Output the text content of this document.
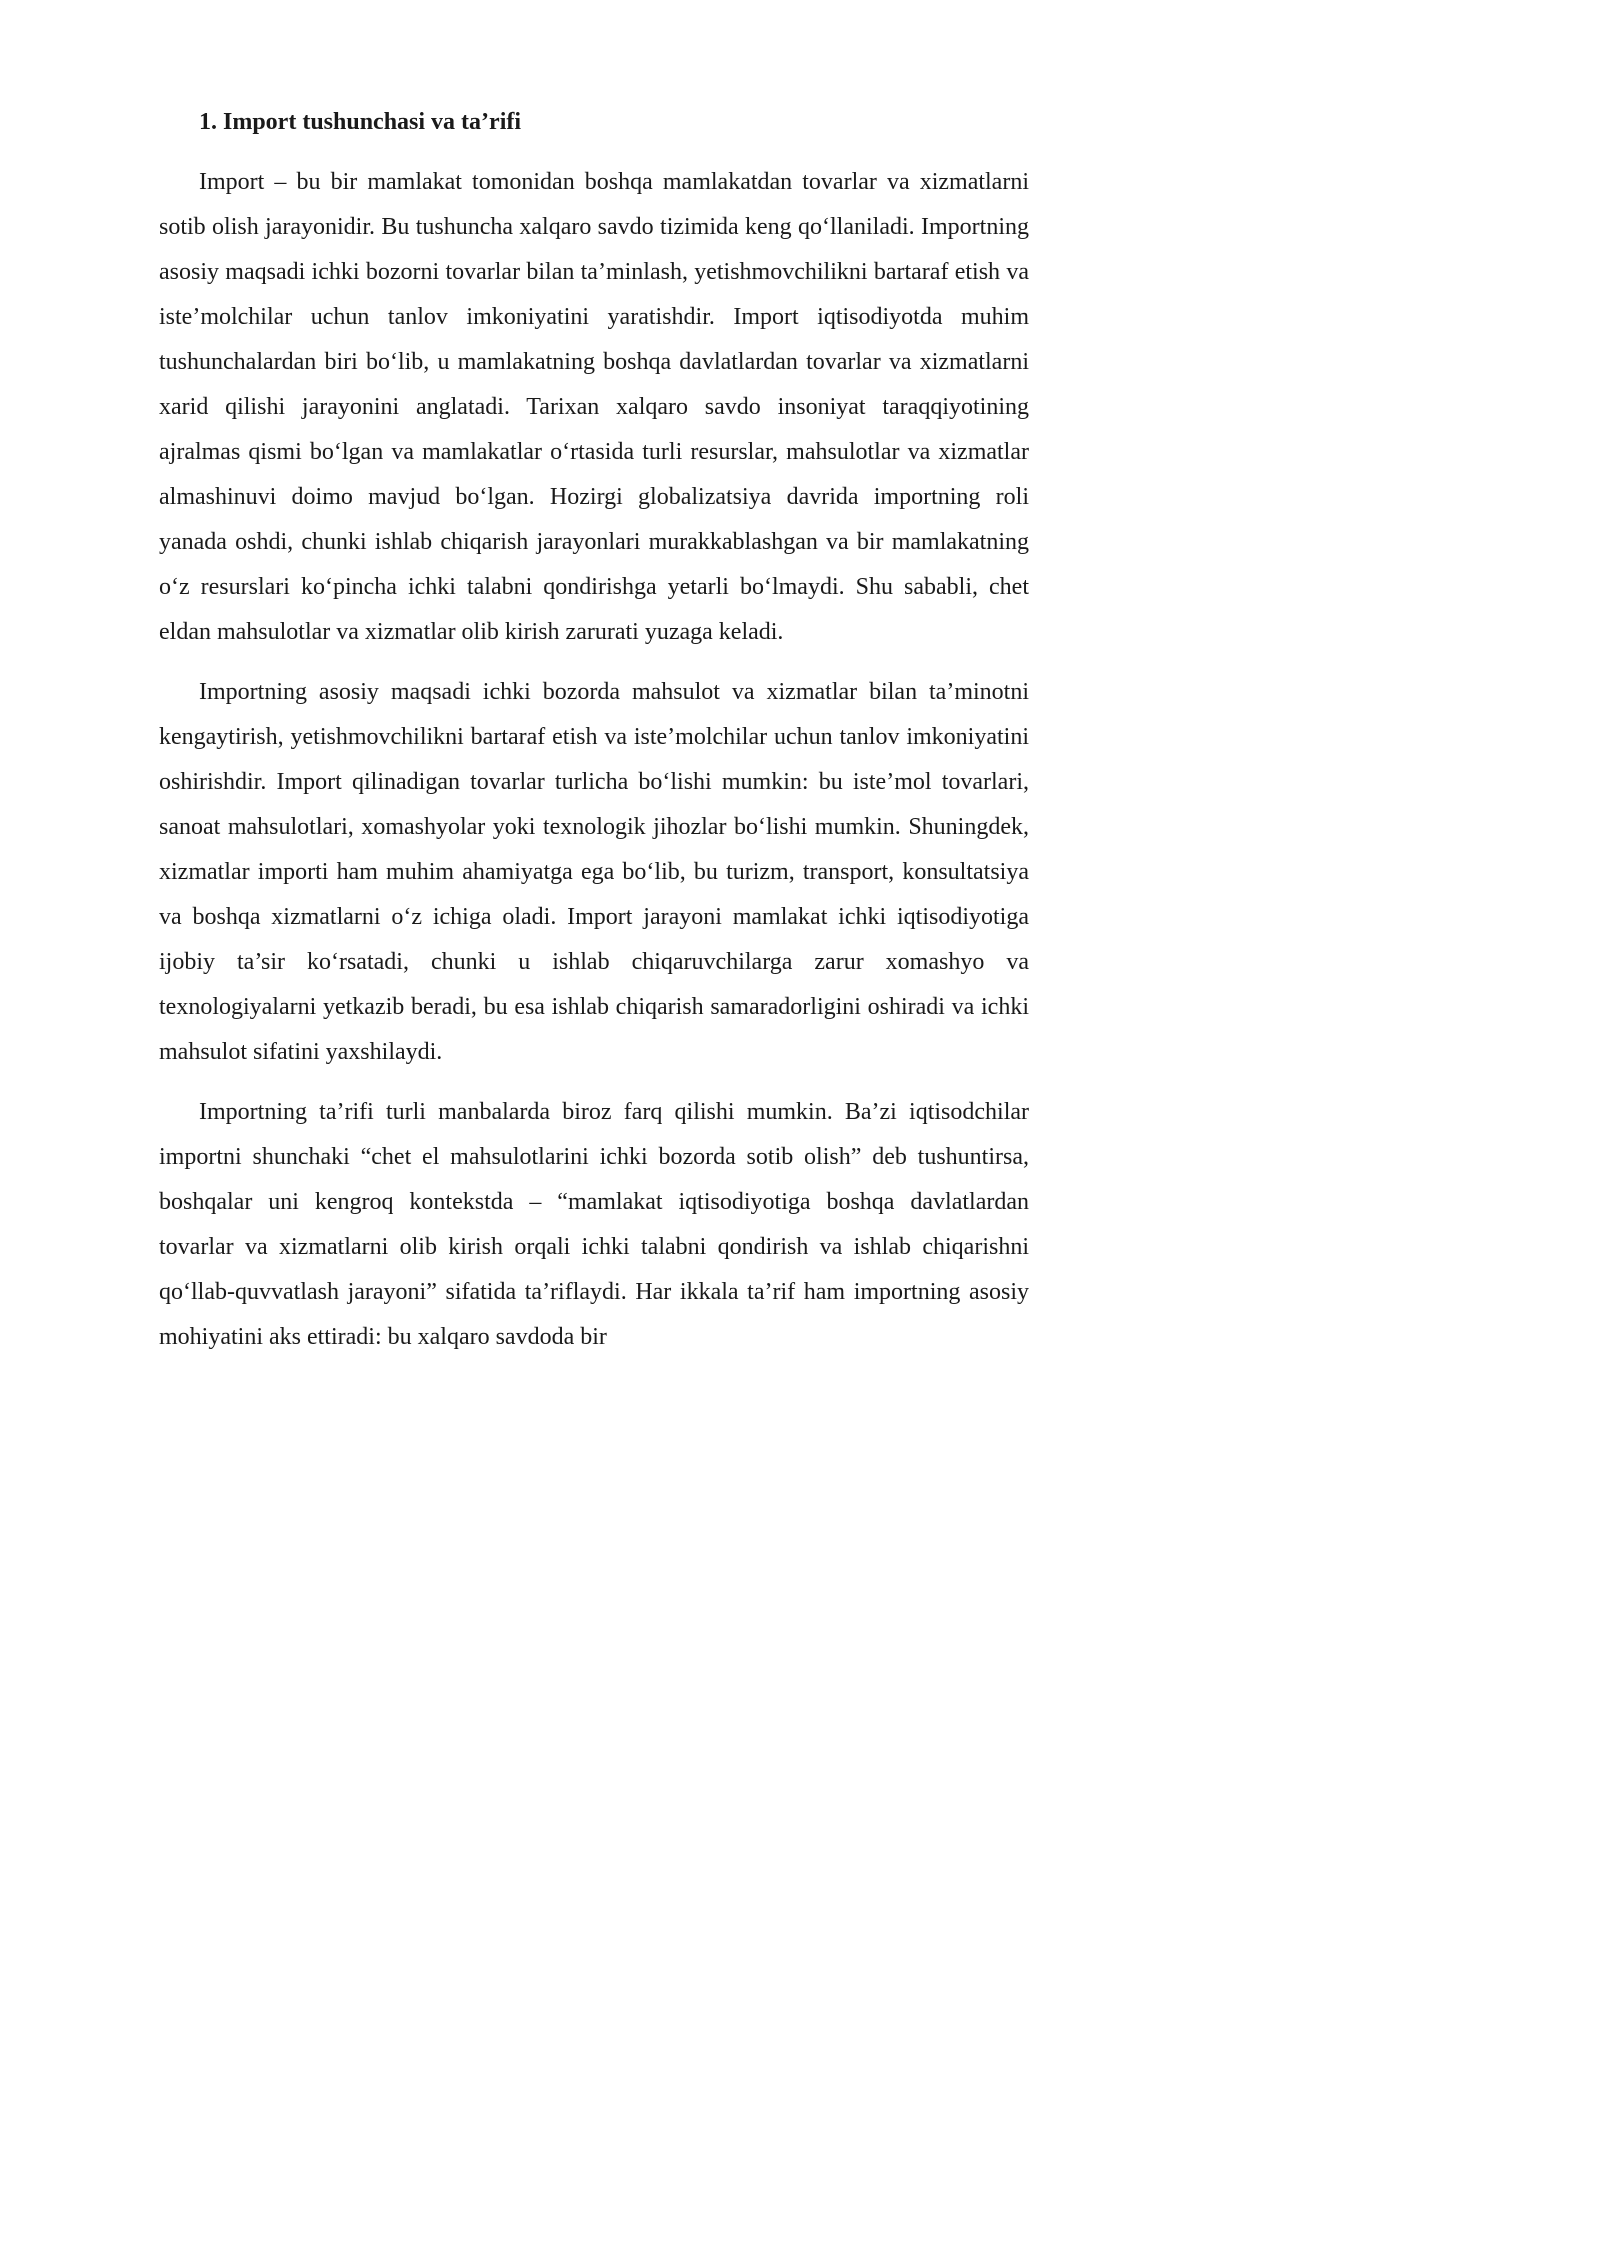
1. Import tushunchasi va ta’rifi

Import – bu bir mamlakat tomonidan boshqa mamlakatdan tovarlar va xizmatlarni sotib olish jarayonidir. Bu tushuncha xalqaro savdo tizimida keng qo‘llaniladi. Importning asosiy maqsadi ichki bozorni tovarlar bilan ta’minlash, yetishmovchilikni bartaraf etish va iste’molchilar uchun tanlov imkoniyatini yaratishdir. Import iqtisodiyotda muhim tushunchalardan biri bo‘lib, u mamlakatning boshqa davlatlardan tovarlar va xizmatlarni xarid qilishi jarayonini anglatadi. Tarixan xalqaro savdo insoniyat taraqqiyotining ajralmas qismi bo‘lgan va mamlakatlar o‘rtasida turli resurslar, mahsulotlar va xizmatlar almashinuvi doimo mavjud bo‘lgan. Hozirgi globalizatsiya davrida importning roli yanada oshdi, chunki ishlab chiqarish jarayonlari murakkablashgan va bir mamlakatning o‘z resurslari ko‘pincha ichki talabni qondirishga yetarli bo‘lmaydi. Shu sababli, chet eldan mahsulotlar va xizmatlar olib kirish zarurati yuzaga keladi.

Importning asosiy maqsadi ichki bozorda mahsulot va xizmatlar bilan ta’minotni kengaytirish, yetishmovchilikni bartaraf etish va iste’molchilar uchun tanlov imkoniyatini oshirishdir. Import qilinadigan tovarlar turlicha bo‘lishi mumkin: bu iste’mol tovarlari, sanoat mahsulotlari, xomashyolar yoki texnologik jihozlar bo‘lishi mumkin. Shuningdek, xizmatlar importi ham muhim ahamiyatga ega bo‘lib, bu turizm, transport, konsultatsiya va boshqa xizmatlarni o‘z ichiga oladi. Import jarayoni mamlakat ichki iqtisodiyotiga ijobiy ta’sir ko‘rsatadi, chunki u ishlab chiqaruvchilarga zarur xomashyo va texnologiyalarni yetkazib beradi, bu esa ishlab chiqarish samaradorligini oshiradi va ichki mahsulot sifatini yaxshilaydi.

Importning ta’rifi turli manbalarda biroz farq qilishi mumkin. Ba’zi iqtisodchilar importni shunchaki “chet el mahsulotlarini ichki bozorda sotib olish” deb tushuntirsa, boshqalar uni kengroq kontekstda – “mamlakat iqtisodiyotiga boshqa davlatlardan tovarlar va xizmatlarni olib kirish orqali ichki talabni qondirish va ishlab chiqarishni qo‘llab-quvvatlash jarayoni” sifatida ta’riflaydi. Har ikkala ta’rif ham importning asosiy mohiyatini aks ettiradi: bu xalqaro savdoda bir
